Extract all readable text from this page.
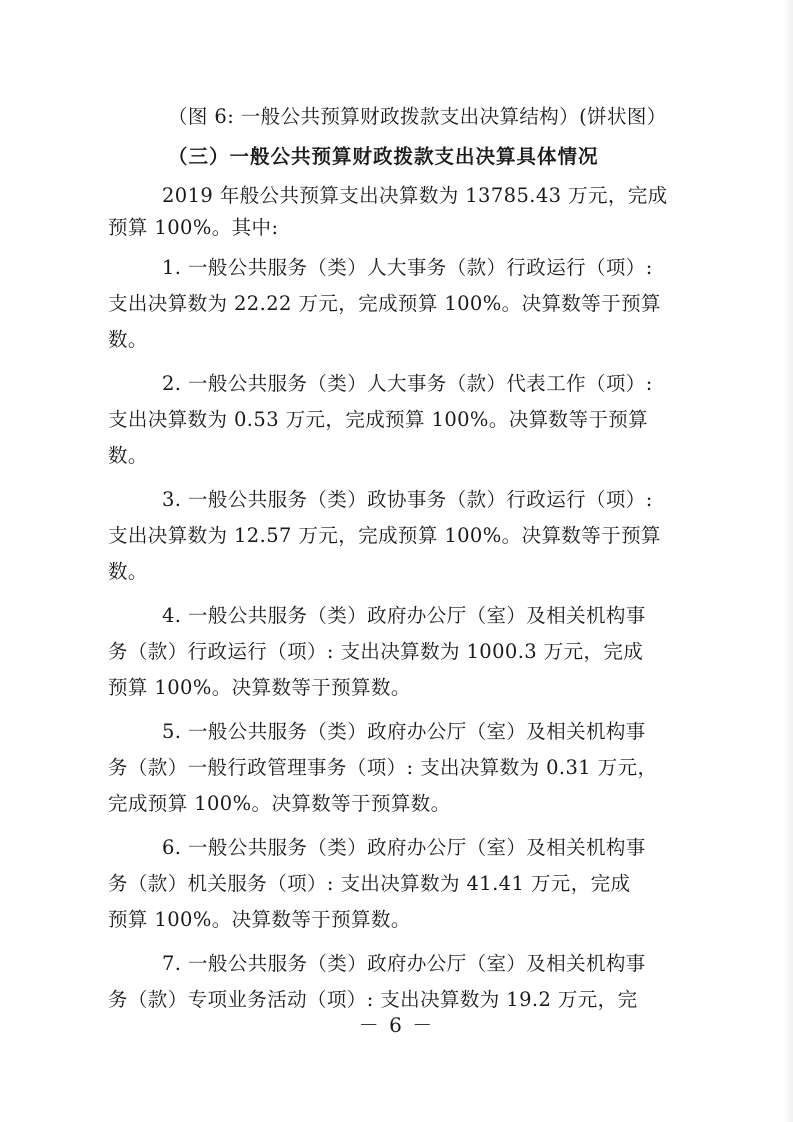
（图 6: 一般公共预算财政拨款支出决算结构）(饼状图）
（三）一般公共预算财政拨款支出决算具体情况
2019 年般公共预算支出决算数为 13785.43 万元，完成
预算 100%。其中:
1. 一般公共服务（类）人大事务（款）行政运行（项）:
支出决算数为 22.22 万元，完成预算 100%。决算数等于预算
数。
2. 一般公共服务（类）人大事务（款）代表工作（项）:
支出决算数为 0.53 万元，完成预算 100%。决算数等于预算
数。
3. 一般公共服务（类）政协事务（款）行政运行（项）:
支出决算数为 12.57 万元，完成预算 100%。决算数等于预算
数。
4. 一般公共服务（类）政府办公厅（室）及相关机构事
务（款）行政运行（项）: 支出决算数为 1000.3 万元，完成
预算 100%。决算数等于预算数。
5. 一般公共服务（类）政府办公厅（室）及相关机构事
务（款）一般行政管理事务（项）: 支出决算数为 0.31 万元，
完成预算 100%。决算数等于预算数。
6. 一般公共服务（类）政府办公厅（室）及相关机构事
务（款）机关服务（项）: 支出决算数为 41.41 万元，完成
预算 100%。决算数等于预算数。
7. 一般公共服务（类）政府办公厅（室）及相关机构事
务（款）专项业务活动（项）: 支出决算数为 19.2 万元，完
－ 6 －
